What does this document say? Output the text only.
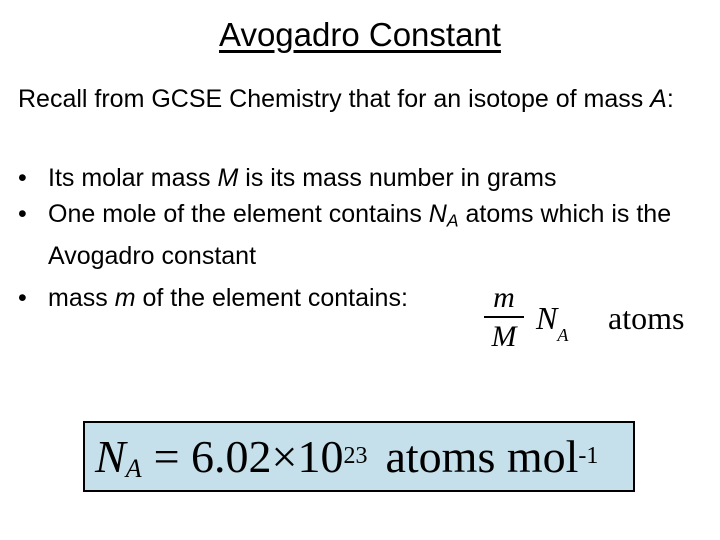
Avogadro Constant
Recall from GCSE Chemistry that for an isotope of mass A:
• Its molar mass M is its mass number in grams
• One mole of the element contains $N_A$ atoms which is the Avogadro constant
• mass m of the element contains:	m
M
$N_A$ atoms
N A = 6.02×10 23 atoms mol -1
